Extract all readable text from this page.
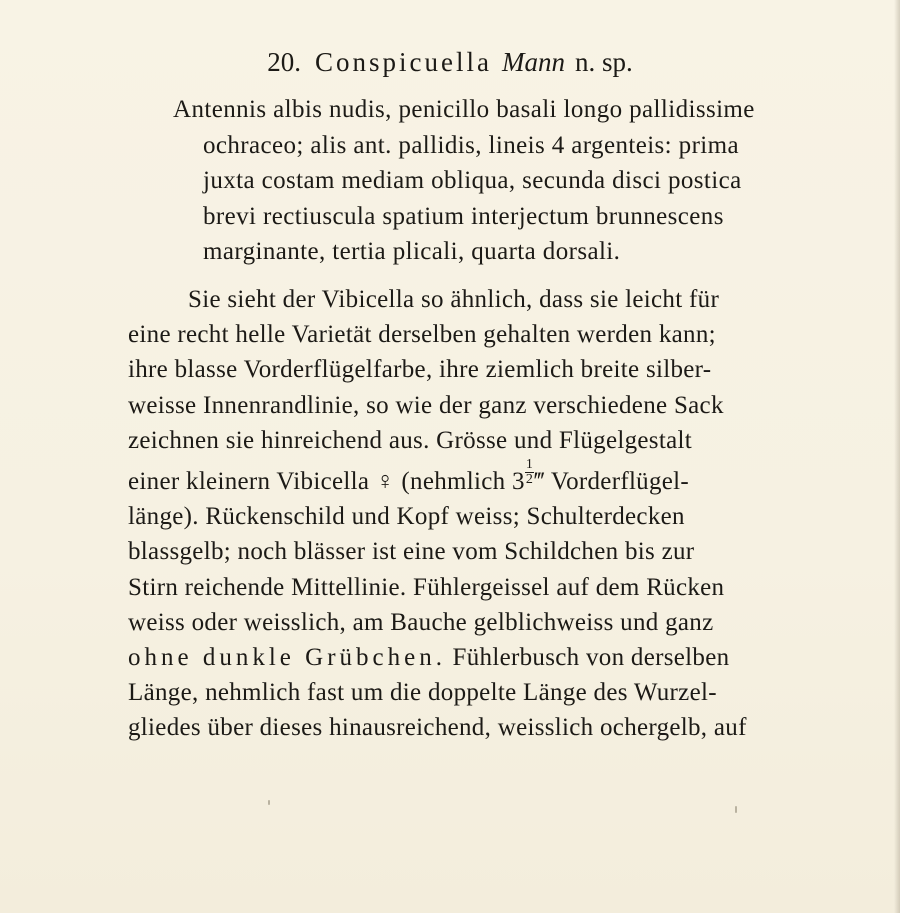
20. Conspicuella Mann n. sp.
Antennis albis nudis, penicillo basali longo pallidissime
ochraceo; alis ant. pallidis, lineis 4 argenteis: prima
juxta costam mediam obliqua, secunda disci postica
brevi rectiuscula spatium interjectum brunnescens
marginante, tertia plicali, quarta dorsali.
Sie sieht der Vibicella so ähnlich, dass sie leicht für
eine recht helle Varietät derselben gehalten werden kann;
ihre blasse Vorderflügelfarbe, ihre ziemlich breite silber-
weisse Innenrandlinie, so wie der ganz verschiedene Sack
zeichnen sie hinreichend aus. Grösse und Flügelgestalt
einer kleinern Vibicella ♀ (nehmlich $3 \frac{1}{2}$ ‴ Vorderflügel-
länge). Rückenschild und Kopf weiss; Schulterdecken
blassgelb; noch blässer ist eine vom Schildchen bis zur
Stirn reichende Mittellinie. Fühlergeissel auf dem Rücken
weiss oder weisslich, am Bauche gelblichweiss und ganz
ohne dunkle Grübchen. Fühlerbusch von derselben
Länge, nehmlich fast um die doppelte Länge des Wurzel-
gliedes über dieses hinausreichend, weisslich ochergelb, auf
